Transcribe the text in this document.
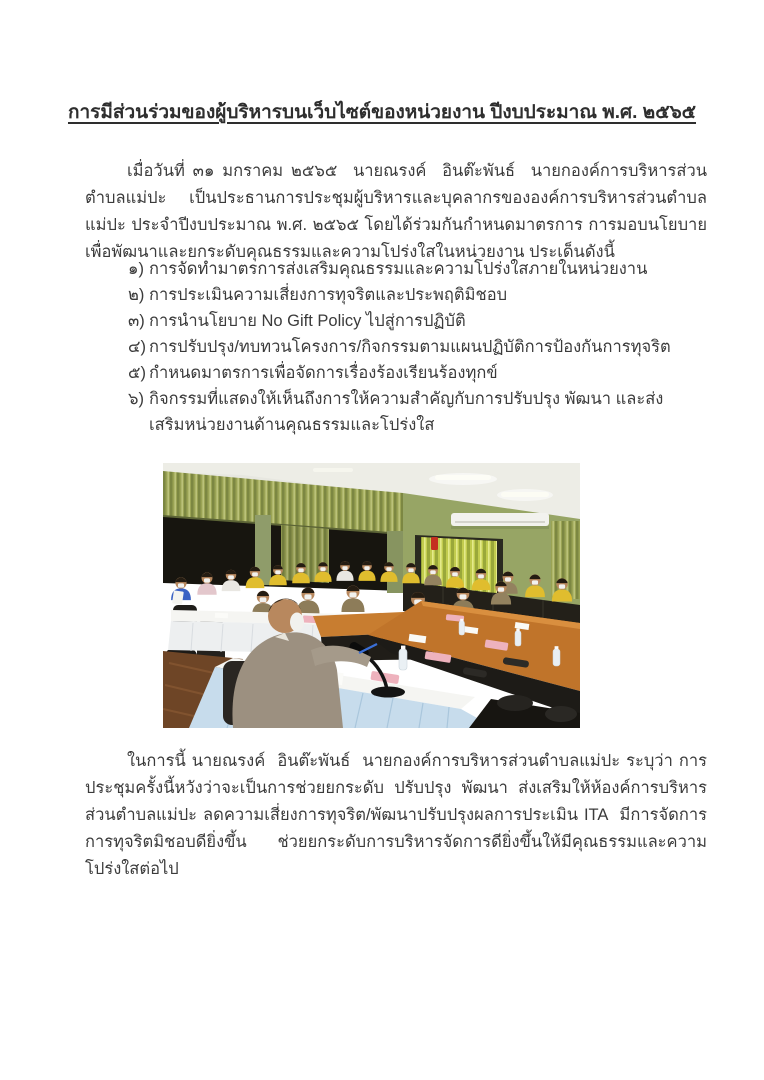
การมีส่วนร่วมของผู้บริหารบนเว็บไซต์ของหน่วยงาน ปีงบประมาณ พ.ศ. ๒๕๖๕
เมื่อวันที่ ๓๑ มกราคม ๒๕๖๕  นายณรงค์  อินต๊ะพันธ์  นายกองค์การบริหารส่วนตำบลแม่ปะ เป็นประธานการประชุมผู้บริหารและบุคลากรขององค์การบริหารส่วนตำบลแม่ปะ ประจำปีงบประมาณ พ.ศ. ๒๕๖๕ โดยได้ร่วมกันกำหนดมาตรการ การมอบนโยบาย เพื่อพัฒนาและยกระดับคุณธรรมและความโปร่งใสในหน่วยงาน ประเด็นดังนี้
๑) การจัดทำมาตรการส่งเสริมคุณธรรมและความโปร่งใสภายในหน่วยงาน
๒) การประเมินความเสี่ยงการทุจริตและประพฤติมิชอบ
๓) การนำนโยบาย No Gift Policy ไปสู่การปฏิบัติ
๔) การปรับปรุง/ทบทวนโครงการ/กิจกรรมตามแผนปฏิบัติการป้องกันการทุจริต
๕) กำหนดมาตรการเพื่อจัดการเรื่องร้องเรียนร้องทุกข์
๖) กิจกรรมที่แสดงให้เห็นถึงการให้ความสำคัญกับการปรับปรุง พัฒนา และส่งเสริมหน่วยงานด้านคุณธรรมและโปร่งใส
ในการนี้ นายณรงค์  อินต๊ะพันธ์  นายกองค์การบริหารส่วนตำบลแม่ปะ ระบุว่า การประชุมครั้งนี้หวังว่าจะเป็นการช่วยยกระดับ ปรับปรุง พัฒนา ส่งเสริมให้ห้องค์การบริหารส่วนตำบลแม่ปะ ลดความเสี่ยงการทุจริต/พัฒนาปรับปรุงผลการประเมิน ITA  มีการจัดการการทุจริตมิชอบดียิ่งขึ้น ช่วยยกระดับการบริหารจัดการดียิ่งขึ้นให้มีคุณธรรมและความโปร่งใสต่อไป
